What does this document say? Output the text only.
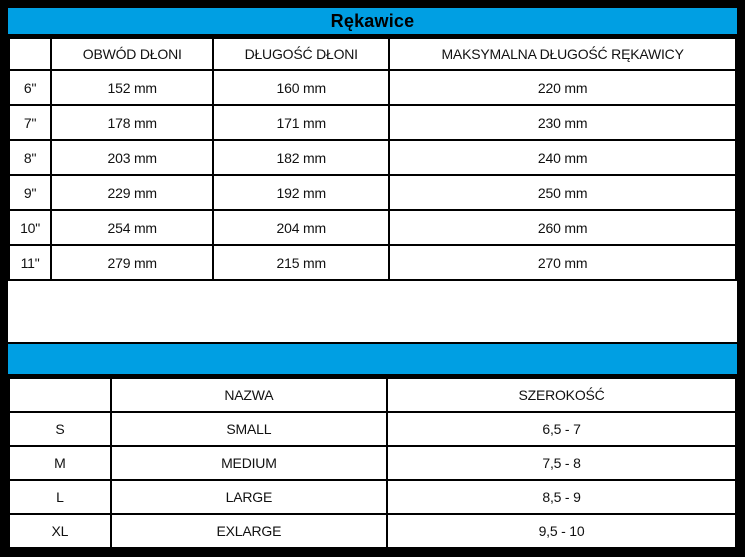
Rękawice
	OBWÓD DŁONI	DŁUGOŚĆ DŁONI	MAKSYMALNA DŁUGOŚĆ RĘKAWICY
6"	152 mm	160 mm	220 mm
7"	178 mm	171 mm	230 mm
8"	203 mm	182 mm	240 mm
9"	229 mm	192 mm	250 mm
10"	254 mm	204 mm	260 mm
11"	279 mm	215 mm	270 mm
	NAZWA	SZEROKOŚĆ
S	SMALL	6,5 - 7
M	MEDIUM	7,5 - 8
L	LARGE	8,5 - 9
XL	EXLARGE	9,5 - 10
